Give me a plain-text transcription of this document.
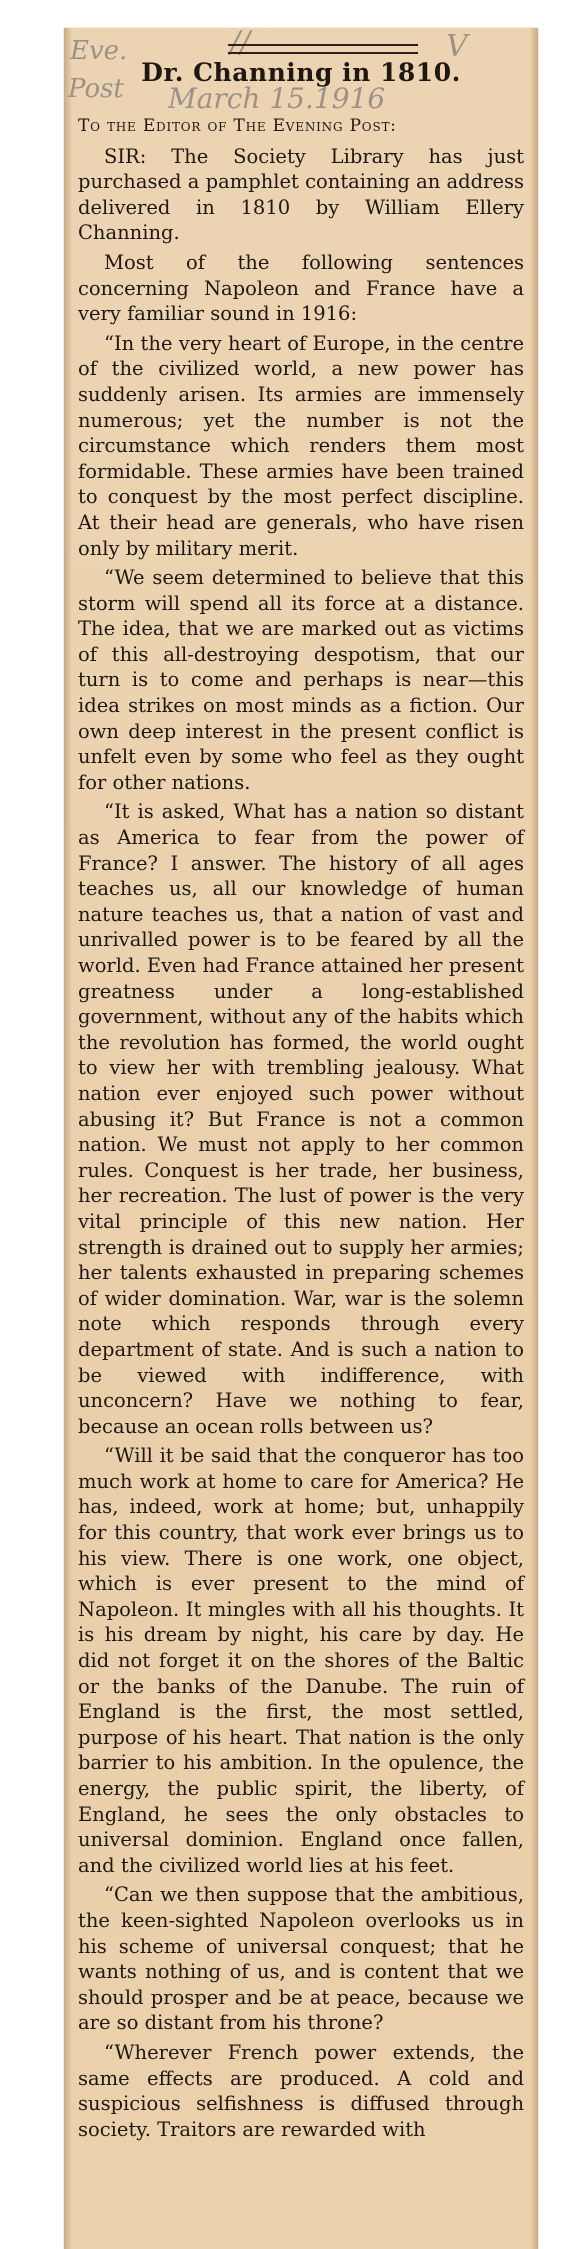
Eve.
Post March 15.1916
V
//
Dr. Channing in 1810.

To the Editor of The Evening Post:

SIR: The Society Library has just purchased a pamphlet containing an address delivered in 1810 by William Ellery Channing.

Most of the following sentences concerning Napoleon and France have a very familiar sound in 1916:

“In the very heart of Europe, in the centre of the civilized world, a new power has suddenly arisen. Its armies are immensely numerous; yet the number is not the circumstance which renders them most formidable. These armies have been trained to conquest by the most perfect discipline. At their head are generals, who have risen only by military merit.

“We seem determined to believe that this storm will spend all its force at a distance. The idea, that we are marked out as victims of this all-destroying despotism, that our turn is to come and perhaps is near—this idea strikes on most minds as a fiction. Our own deep interest in the present conflict is unfelt even by some who feel as they ought for other nations.

“It is asked, What has a nation so distant as America to fear from the power of France? I answer. The history of all ages teaches us, all our knowledge of human nature teaches us, that a nation of vast and unrivalled power is to be feared by all the world. Even had France attained her present greatness under a long-established government, without any of the habits which the revolution has formed, the world ought to view her with trembling jealousy. What nation ever enjoyed such power without abusing it? But France is not a common nation. We must not apply to her common rules. Conquest is her trade, her business, her recreation. The lust of power is the very vital principle of this new nation. Her strength is drained out to supply her armies; her talents exhausted in preparing schemes of wider domination. War, war is the solemn note which responds through every department of state. And is such a nation to be viewed with indifference, with unconcern? Have we nothing to fear, because an ocean rolls between us?

“Will it be said that the conqueror has too much work at home to care for America? He has, indeed, work at home; but, unhappily for this country, that work ever brings us to his view. There is one work, one object, which is ever present to the mind of Napoleon. It mingles with all his thoughts. It is his dream by night, his care by day. He did not forget it on the shores of the Baltic or the banks of the Danube. The ruin of England is the first, the most settled, purpose of his heart. That nation is the only barrier to his ambition. In the opulence, the energy, the public spirit, the liberty, of England, he sees the only obstacles to universal dominion. England once fallen, and the civilized world lies at his feet.

“Can we then suppose that the ambitious, the keen-sighted Napoleon overlooks us in his scheme of universal conquest; that he wants nothing of us, and is content that we should prosper and be at peace, because we are so distant from his throne?

“Wherever French power extends, the same effects are produced. A cold and suspicious selfishness is diffused through society. Traitors are rewarded with
